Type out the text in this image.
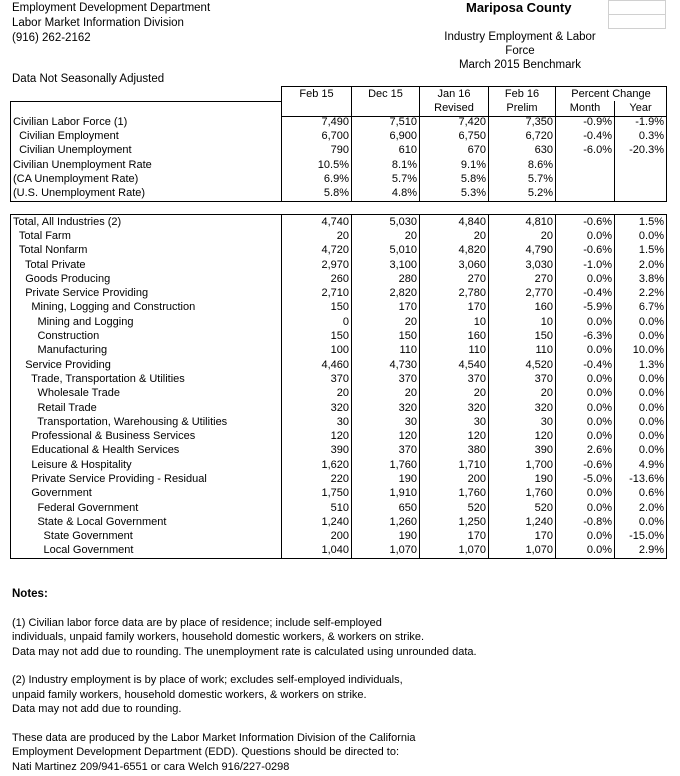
Employment Development Department
Labor Market Information Division
(916) 262-2162
Mariposa County
Industry Employment & Labor Force
March 2015 Benchmark
Data Not Seasonally Adjusted
	Feb 15	Dec 15	Jan 16	Feb 16	Percent Change	
			Revised	Prelim	Month	Year
Civilian Labor Force (1)	7,490	7,510	7,420	7,350	-0.9%	-1.9%
Civilian Employment	6,700	6,900	6,750	6,720	-0.4%	0.3%
Civilian Unemployment	790	610	670	630	-6.0%	-20.3%
Civilian Unemployment Rate	10.5%	8.1%	9.1%	8.6%		
(CA Unemployment Rate)	6.9%	5.7%	5.8%	5.7%		
(U.S. Unemployment Rate)	5.8%	4.8%	5.3%	5.2%		
Total, All Industries (2)	4,740	5,030	4,840	4,810	-0.6%	1.5%
Total Farm	20	20	20	20	0.0%	0.0%
Total Nonfarm	4,720	5,010	4,820	4,790	-0.6%	1.5%
Total Private	2,970	3,100	3,060	3,030	-1.0%	2.0%
Goods Producing	260	280	270	270	0.0%	3.8%
Private Service Providing	2,710	2,820	2,780	2,770	-0.4%	2.2%
Mining, Logging and Construction	150	170	170	160	-5.9%	6.7%
Mining and Logging	0	20	10	10	0.0%	0.0%
Construction	150	150	160	150	-6.3%	0.0%
Manufacturing	100	110	110	110	0.0%	10.0%
Service Providing	4,460	4,730	4,540	4,520	-0.4%	1.3%
Trade, Transportation & Utilities	370	370	370	370	0.0%	0.0%
Wholesale Trade	20	20	20	20	0.0%	0.0%
Retail Trade	320	320	320	320	0.0%	0.0%
Transportation, Warehousing & Utilities	30	30	30	30	0.0%	0.0%
Professional & Business Services	120	120	120	120	0.0%	0.0%
Educational & Health Services	390	370	380	390	2.6%	0.0%
Leisure & Hospitality	1,620	1,760	1,710	1,700	-0.6%	4.9%
Private Service Providing - Residual	220	190	200	190	-5.0%	-13.6%
Government	1,750	1,910	1,760	1,760	0.0%	0.6%
Federal Government	510	650	520	520	0.0%	2.0%
State & Local Government	1,240	1,260	1,250	1,240	-0.8%	0.0%
State Government	200	190	170	170	0.0%	-15.0%
Local Government	1,040	1,070	1,070	1,070	0.0%	2.9%
Notes:
(1) Civilian labor force data are by place of residence; include self-employed
individuals, unpaid family workers, household domestic workers, & workers on strike.
Data may not add due to rounding. The unemployment rate is calculated using unrounded data.
(2) Industry employment is by place of work; excludes self-employed individuals,
unpaid family workers, household domestic workers, & workers on strike.
Data may not add due to rounding.
These data are produced by the Labor Market Information Division of the California
Employment Development Department (EDD). Questions should be directed to:
Nati Martinez 209/941-6551 or cara Welch 916/227-0298
